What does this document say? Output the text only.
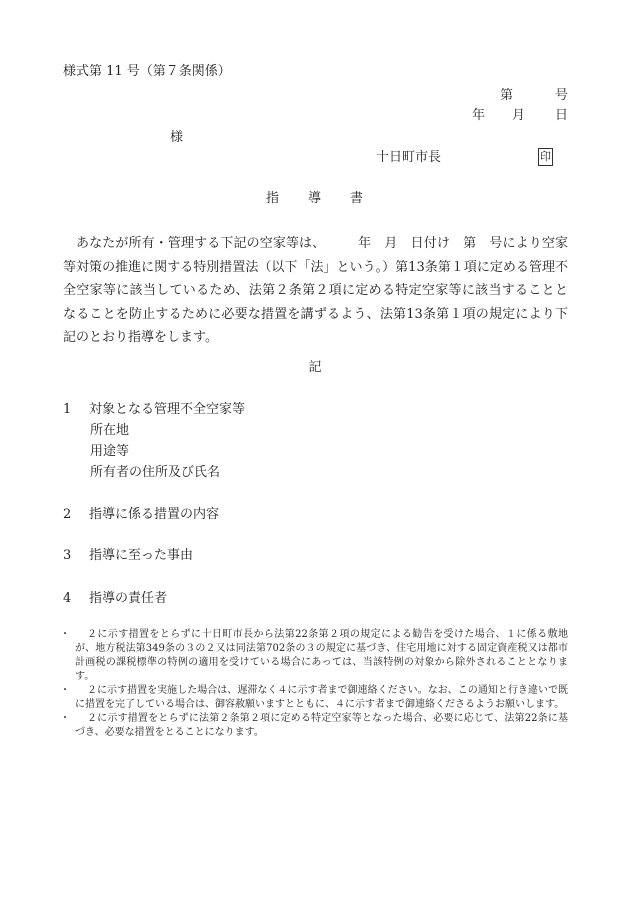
様式第 11 号（第７条関係）
第	号
年 月 日
様
十日町市長	印
指　　導　　書

あなたが所有・管理する下記の空家等は、　　　年　月　日付け　第　号により空家等対策の推進に関する特別措置法（以下「法」という。）第13条第１項に定める管理不全空家等に該当しているため、法第２条第２項に定める特定空家等に該当することとなることを防止するために必要な措置を講ずるよう、法第13条第１項の規定により下記のとおり指導をします。

記
1 対象となる管理不全空家等
所在地
用途等
所有者の住所及び氏名
2 指導に係る措置の内容
3 指導に至った事由
4 指導の責任者
・	２に示す措置をとらずに十日町市長から法第22条第２項の規定による勧告を受けた場合、１に係る敷地が、地方税法第349条の３の２又は同法第702条の３の規定に基づき、住宅用地に対する固定資産税又は都市計画税の課税標準の特例の適用を受けている場合にあっては、当該特例の対象から除外されることとなります。
・	２に示す措置を実施した場合は、遅滞なく４に示す者まで御連絡ください。なお、この通知と行き違いで既に措置を完了している場合は、御容赦願いますとともに、４に示す者まで御連絡くださるようお願いします。
・	２に示す措置をとらずに法第２条第２項に定める特定空家等となった場合、必要に応じて、法第22条に基づき、必要な措置をとることになります。
